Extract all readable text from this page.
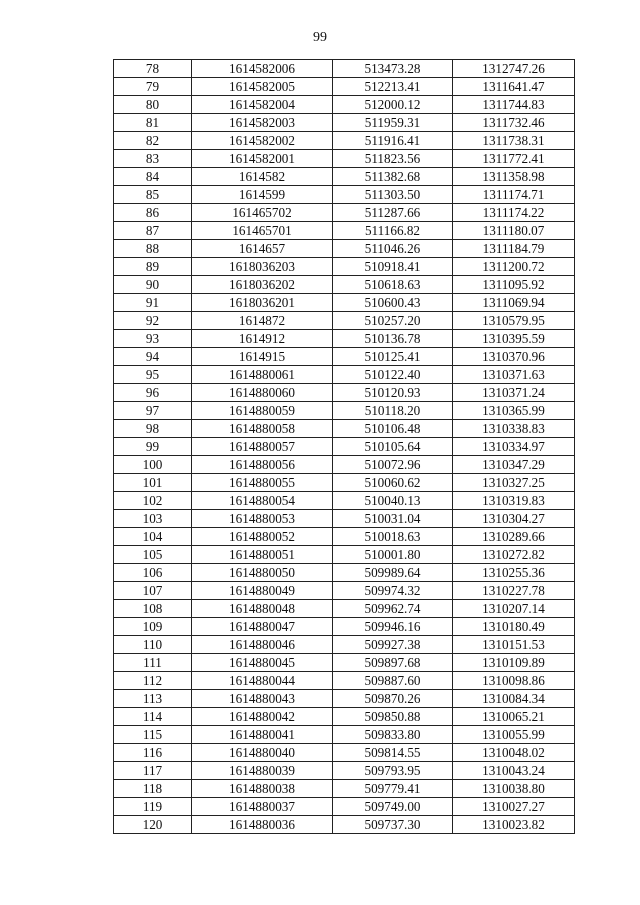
99
78	1614582006	513473.28	1312747.26
79	1614582005	512213.41	1311641.47
80	1614582004	512000.12	1311744.83
81	1614582003	511959.31	1311732.46
82	1614582002	511916.41	1311738.31
83	1614582001	511823.56	1311772.41
84	1614582	511382.68	1311358.98
85	1614599	511303.50	1311174.71
86	161465702	511287.66	1311174.22
87	161465701	511166.82	1311180.07
88	1614657	511046.26	1311184.79
89	1618036203	510918.41	1311200.72
90	1618036202	510618.63	1311095.92
91	1618036201	510600.43	1311069.94
92	1614872	510257.20	1310579.95
93	1614912	510136.78	1310395.59
94	1614915	510125.41	1310370.96
95	1614880061	510122.40	1310371.63
96	1614880060	510120.93	1310371.24
97	1614880059	510118.20	1310365.99
98	1614880058	510106.48	1310338.83
99	1614880057	510105.64	1310334.97
100	1614880056	510072.96	1310347.29
101	1614880055	510060.62	1310327.25
102	1614880054	510040.13	1310319.83
103	1614880053	510031.04	1310304.27
104	1614880052	510018.63	1310289.66
105	1614880051	510001.80	1310272.82
106	1614880050	509989.64	1310255.36
107	1614880049	509974.32	1310227.78
108	1614880048	509962.74	1310207.14
109	1614880047	509946.16	1310180.49
110	1614880046	509927.38	1310151.53
111	1614880045	509897.68	1310109.89
112	1614880044	509887.60	1310098.86
113	1614880043	509870.26	1310084.34
114	1614880042	509850.88	1310065.21
115	1614880041	509833.80	1310055.99
116	1614880040	509814.55	1310048.02
117	1614880039	509793.95	1310043.24
118	1614880038	509779.41	1310038.80
119	1614880037	509749.00	1310027.27
120	1614880036	509737.30	1310023.82
